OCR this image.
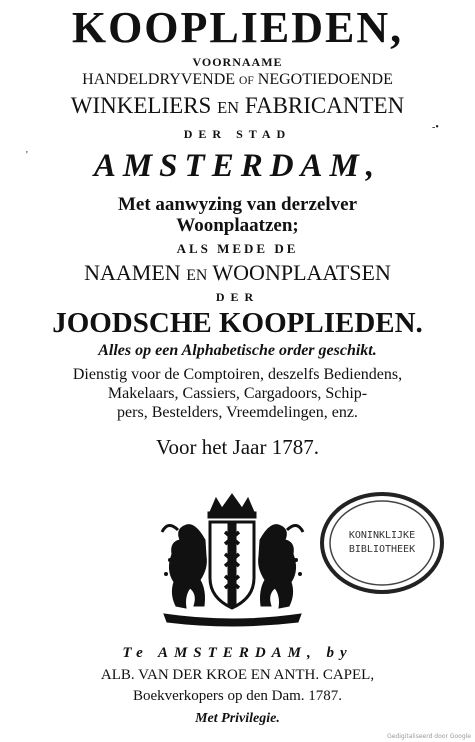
KOOPLIEDEN,
VOORNAAME
HANDELDRYVENDE OF NEGOTIEDOENDE
WINKELIERS EN FABRICANTEN
DER STAD
AMSTERDAM,
Met aanwyzing van derzelver
Woonplaatzen;
ALS MEDE DE
NAAMEN EN WOONPLAATSEN
DER
JOODSCHE KOOPLIEDEN.
Alles op een Alphabetische order geschikt.
Dienstig voor de Comptoiren, deszelfs Bediendens,
Makelaars, Cassiers, Cargadoors, Schip-
pers, Bestelders, Vreemdelingen, enz.
Voor het Jaar 1787.
'
-•
KONINKLIJKE
BIBLIOTHEEK
Te AMSTERDAM, by
ALB. VAN DER KROE EN ANTH. CAPEL,
Boekverkopers op den Dam. 1787.
Met Privilegie.
Gedigitaliseerd door Google
